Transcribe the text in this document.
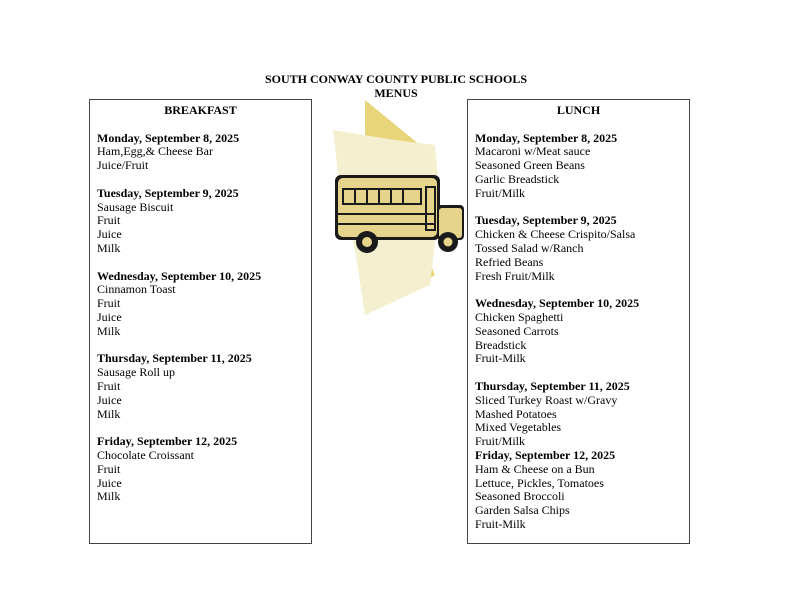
SOUTH CONWAY COUNTY PUBLIC SCHOOLS
MENUS
BREAKFAST
Monday, September 8, 2025
Ham,Egg,& Cheese Bar
Juice/Fruit
Tuesday, September 9, 2025
Sausage Biscuit
Fruit
Juice
Milk
Wednesday, September 10, 2025
Cinnamon Toast
Fruit
Juice
Milk
Thursday, September 11, 2025
Sausage Roll up
Fruit
Juice
Milk
Friday, September 12, 2025
Chocolate Croissant
Fruit
Juice
Milk
LUNCH
Monday, September 8, 2025
Macaroni w/Meat sauce
Seasoned Green Beans
Garlic Breadstick
Fruit/Milk
Tuesday, September 9, 2025
Chicken & Cheese Crispito/Salsa
Tossed Salad w/Ranch
Refried Beans
Fresh Fruit/Milk
Wednesday, September 10, 2025
Chicken Spaghetti
Seasoned Carrots
Breadstick
Fruit-Milk
Thursday, September 11, 2025
Sliced Turkey Roast w/Gravy
Mashed Potatoes
Mixed Vegetables
Fruit/Milk
Friday, September 12, 2025
Ham & Cheese on a Bun
Lettuce, Pickles, Tomatoes
Seasoned Broccoli
Garden Salsa Chips
Fruit-Milk
